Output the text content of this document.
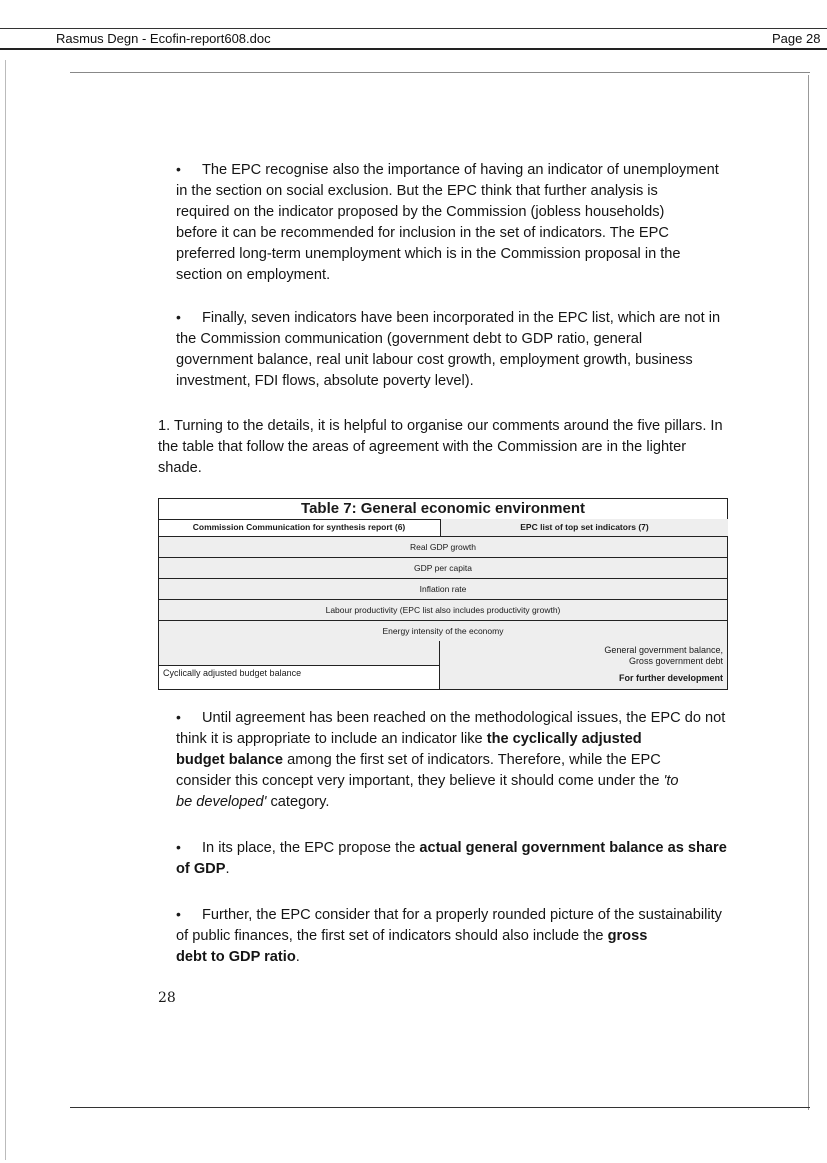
Rasmus Degn - Ecofin-report608.doc	Page 28
• The EPC recognise also the importance of having an indicator of unemployment
in the section on social exclusion. But the EPC think that further analysis is
required on the indicator proposed by the Commission (jobless households)
before it can be recommended for inclusion in the set of indicators. The EPC
preferred long-term unemployment which is in the Commission proposal in the
section on employment.
• Finally, seven indicators have been incorporated in the EPC list, which are not in
the Commission communication (government debt to GDP ratio, general
government balance, real unit labour cost growth, employment growth, business
investment, FDI flows, absolute poverty level).
1. Turning to the details, it is helpful to organise our comments around the five pillars. In
the table that follow the areas of agreement with the Commission are in the lighter
shade.
• Until agreement has been reached on the methodological issues, the EPC do not
think it is appropriate to include an indicator like the cyclically adjusted
budget balance among the first set of indicators. Therefore, while the EPC
consider this concept very important, they believe it should come under the 'to
be developed' category.
• In its place, the EPC propose the actual general government balance as share
of GDP.
• Further, the EPC consider that for a properly rounded picture of the sustainability
of public finances, the first set of indicators should also include the gross
debt to GDP ratio.
Table 7: General economic environment
Commission Communication for synthesis report (6)	EPC list of top set indicators (7)
Real GDP growth
GDP per capita
Inflation rate
Labour productivity (EPC list also includes productivity growth)
Energy intensity of the economy
Cyclically adjusted budget balance
General government balance,
Gross government debt
For further development
28
